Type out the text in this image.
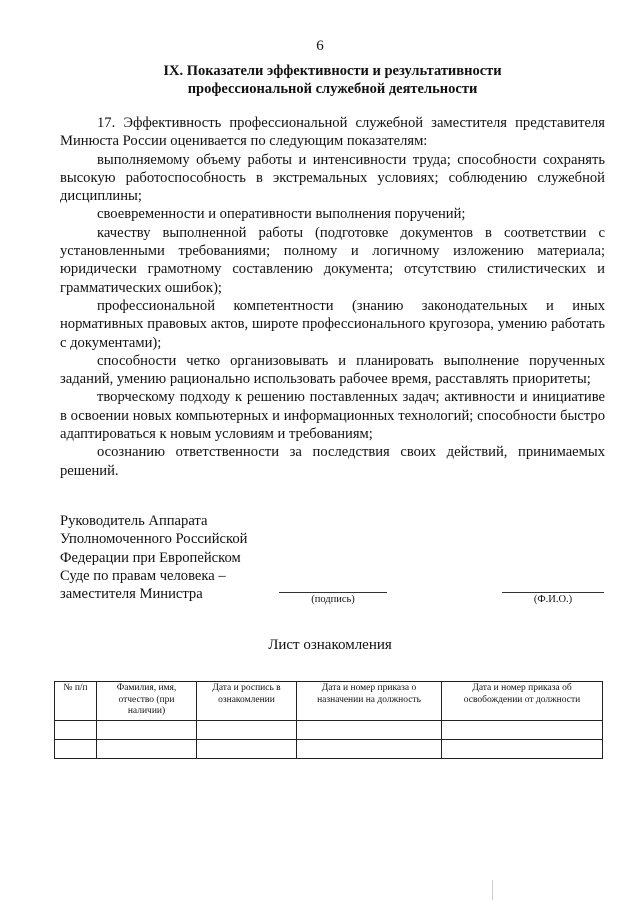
6
IX. Показатели эффективности и результативности
профессиональной служебной деятельности

17. Эффективность профессиональной служебной заместителя представителя Минюста России оценивается по следующим показателям:

выполняемому объему работы и интенсивности труда; способности сохранять высокую работоспособность в экстремальных условиях; соблюдению служебной дисциплины;

своевременности и оперативности выполнения поручений;

качеству выполненной работы (подготовке документов в соответствии с установленными требованиями; полному и логичному изложению материала; юридически грамотному составлению документа; отсутствию стилистических и грамматических ошибок);

профессиональной компетентности (знанию законодательных и иных нормативных правовых актов, широте профессионального кругозора, умению работать с документами);

способности четко организовывать и планировать выполнение порученных заданий, умению рационально использовать рабочее время, расставлять приоритеты;

творческому подходу к решению поставленных задач; активности и инициативе в освоении новых компьютерных и информационных технологий; способности быстро адаптироваться к новым условиям и требованиям;

осознанию ответственности за последствия своих действий, принимаемых решений.

Руководитель Аппарата
Уполномоченного Российской
Федерации при Европейском
Суде по правам человека –
заместителя Министра	(подпись)	(Ф.И.О.)
Лист ознакомления
№ п/п	Фамилия, имя, отчество (при наличии)	Дата и роспись в ознакомлении	Дата и номер приказа о назначении на должность	Дата и номер приказа об освобождении от должности
